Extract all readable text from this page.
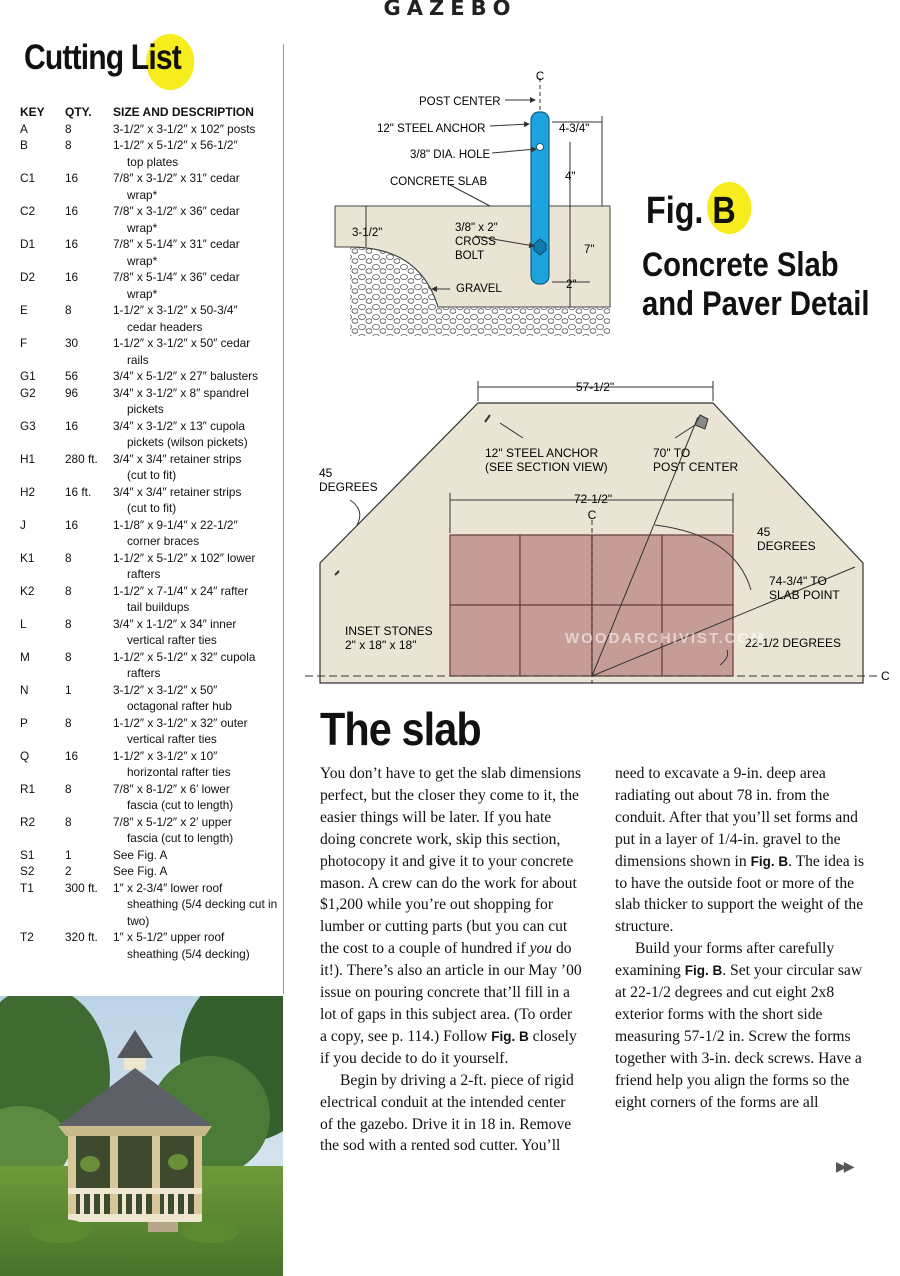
GAZEBO
Cutting List
KEY	QTY.	SIZE AND DESCRIPTION
A	8	3-1/2″ x 3-1/2″ x 102″ posts
B	8	1-1/2″ x 5-1/2″ x 56-1/2″
top plates
C1	16	7/8″ x 3-1/2″ x 31″ cedar
wrap*
C2	16	7/8″ x 3-1/2″ x 36″ cedar
wrap*
D1	16	7/8″ x 5-1/4″ x 31″ cedar
wrap*
D2	16	7/8″ x 5-1/4″ x 36″ cedar
wrap*
E	8	1-1/2″ x 3-1/2″ x 50-3/4″
cedar headers
F	30	1-1/2″ x 3-1/2″ x 50″ cedar
rails
G1	56	3/4″ x 5-1/2″ x 27″ balusters
G2	96	3/4″ x 3-1/2″ x 8″ spandrel
pickets
G3	16	3/4″ x 3-1/2″ x 13″ cupola
pickets (wilson pickets)
H1	280 ft.	3/4″ x 3/4″ retainer strips
(cut to fit)
H2	16 ft.	3/4″ x 3/4″ retainer strips
(cut to fit)
J	16	1-1/8″ x 9-1/4″ x 22-1/2″
corner braces
K1	8	1-1/2″ x 5-1/2″ x 102″ lower
rafters
K2	8	1-1/2″ x 7-1/4″ x 24″ rafter
tail buildups
L	8	3/4″ x 1-1/2″ x 34″ inner
vertical rafter ties
M	8	1-1/2″ x 5-1/2″ x 32″ cupola
rafters
N	1	3-1/2″ x 3-1/2″ x 50″
octagonal rafter hub
P	8	1-1/2″ x 3-1/2″ x 32″ outer
vertical rafter ties
Q	16	1-1/2″ x 3-1/2″ x 10″
horizontal rafter ties
R1	8	7/8″ x 8-1/2″ x 6′ lower
fascia (cut to length)
R2	8	7/8″ x 5-1/2″ x 2′ upper
fascia (cut to length)
S1	1	See Fig. A
S2	2	See Fig. A
T1	300 ft.	1″ x 2-3/4″ lower roof
sheathing (5/4 decking cut in two)
T2	320 ft.	1″ x 5-1/2″ upper roof
sheathing (5/4 decking)
Fig. B
Concrete Slab
and Paver Detail
C
POST CENTER
12" STEEL ANCHOR
3/8" DIA. HOLE
CONCRETE SLAB
3/8" x 2"
CROSS
BOLT
GRAVEL
4-3/4"
4"
7"
2"
3-1/2"
57-1/2"
12" STEEL ANCHOR
(SEE SECTION VIEW)
70" TO
POST CENTER
45
DEGREES
72-1/2"
C
45
DEGREES
74-3/4" TO
SLAB POINT
INSET STONES
2" x 18" x 18"	22-1/2 DEGREES
C
WOODARCHIVIST.COM
The slab

You don’t have to get the slab dimensions perfect, but the closer they come to it, the easier things will be later. If you hate doing concrete work, skip this section, photocopy it and give it to your concrete mason. A crew can do the work for about $1,200 while you’re out shopping for lumber or cutting parts (but you can cut the cost to a couple of hundred if you do it!). There’s also an article in our May ’00 issue on pouring concrete that’ll fill in a lot of gaps in this subject area. (To order a copy, see p. 114.) Follow Fig. B closely if you decide to do it yourself.

Begin by driving a 2-ft. piece of rigid electrical conduit at the intended center of the gazebo. Drive it in 18 in. Remove the sod with a rented sod cutter. You’ll

need to excavate a 9-in. deep area radiating out about 78 in. from the conduit. After that you’ll set forms and put in a layer of 1/4-in. gravel to the dimensions shown in Fig. B. The idea is to have the outside foot or more of the slab thicker to support the weight of the structure.

Build your forms after carefully examining Fig. B. Set your circular saw at 22-1/2 degrees and cut eight 2x8 exterior forms with the short side measuring 57-1/2 in. Screw the forms together with 3-in. deck screws. Have a friend help you align the forms so the eight corners of the forms are all

▶▶
